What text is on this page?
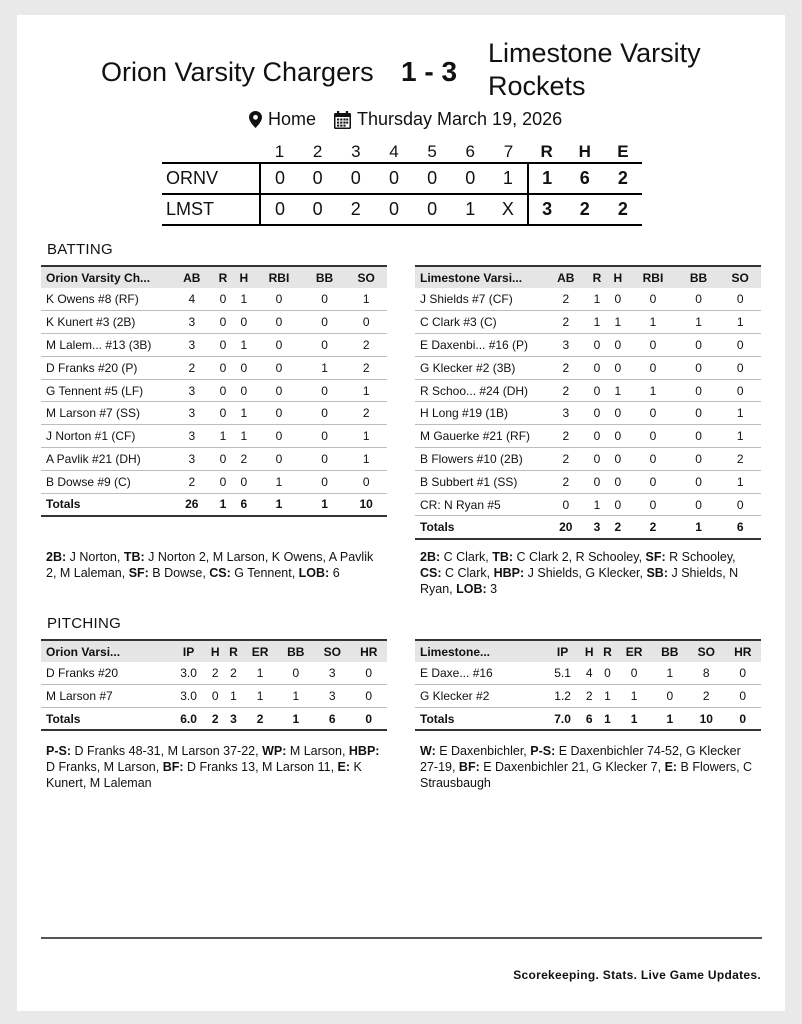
Orion Varsity Chargers 1 - 3
Limestone Varsity Rockets
Home Thursday March 19, 2026
	1	2	3	4	5	6	7	R	H	E
ORNV	0	0	0	0	0	0	1	1	6	2
LMST	0	0	2	0	0	1	X	3	2	2
BATTING
Orion Varsity Ch...	AB	R	H	RBI	BB	SO
K Owens #8 (RF)	4	0	1	0	0	1
K Kunert #3 (2B)	3	0	0	0	0	0
M Lalem... #13 (3B)	3	0	1	0	0	2
D Franks #20 (P)	2	0	0	0	1	2
G Tennent #5 (LF)	3	0	0	0	0	1
M Larson #7 (SS)	3	0	1	0	0	2
J Norton #1 (CF)	3	1	1	0	0	1
A Pavlik #21 (DH)	3	0	2	0	0	1
B Dowse #9 (C)	2	0	0	1	0	0
Totals	26	1	6	1	1	10
Limestone Varsi...	AB	R	H	RBI	BB	SO
J Shields #7 (CF)	2	1	0	0	0	0
C Clark #3 (C)	2	1	1	1	1	1
E Daxenbi... #16 (P)	3	0	0	0	0	0
G Klecker #2 (3B)	2	0	0	0	0	0
R Schoo... #24 (DH)	2	0	1	1	0	0
H Long #19 (1B)	3	0	0	0	0	1
M Gauerke #21 (RF)	2	0	0	0	0	1
B Flowers #10 (2B)	2	0	0	0	0	2
B Subbert #1 (SS)	2	0	0	0	0	1
CR: N Ryan #5	0	1	0	0	0	0
Totals	20	3	2	2	1	6
2B: J Norton, TB: J Norton 2, M Larson, K Owens, A Pavlik 2, M Laleman, SF: B Dowse, CS: G Tennent, LOB: 6
2B: C Clark, TB: C Clark 2, R Schooley, SF: R Schooley, CS: C Clark, HBP: J Shields, G Klecker, SB: J Shields, N Ryan, LOB: 3
PITCHING
Orion Varsi...	IP	H	R	ER	BB	SO	HR
D Franks #20	3.0	2	2	1	0	3	0
M Larson #7	3.0	0	1	1	1	3	0
Totals	6.0	2	3	2	1	6	0
Limestone...	IP	H	R	ER	BB	SO	HR
E Daxe... #16	5.1	4	0	0	1	8	0
G Klecker #2	1.2	2	1	1	0	2	0
Totals	7.0	6	1	1	1	10	0
P-S: D Franks 48-31, M Larson 37-22, WP: M Larson, HBP: D Franks, M Larson, BF: D Franks 13, M Larson 11, E: K Kunert, M Laleman
W: E Daxenbichler, P-S: E Daxenbichler 74-52, G Klecker 27-19, BF: E Daxenbichler 21, G Klecker 7, E: B Flowers, C Strausbaugh
Scorekeeping. Stats. Live Game Updates.
